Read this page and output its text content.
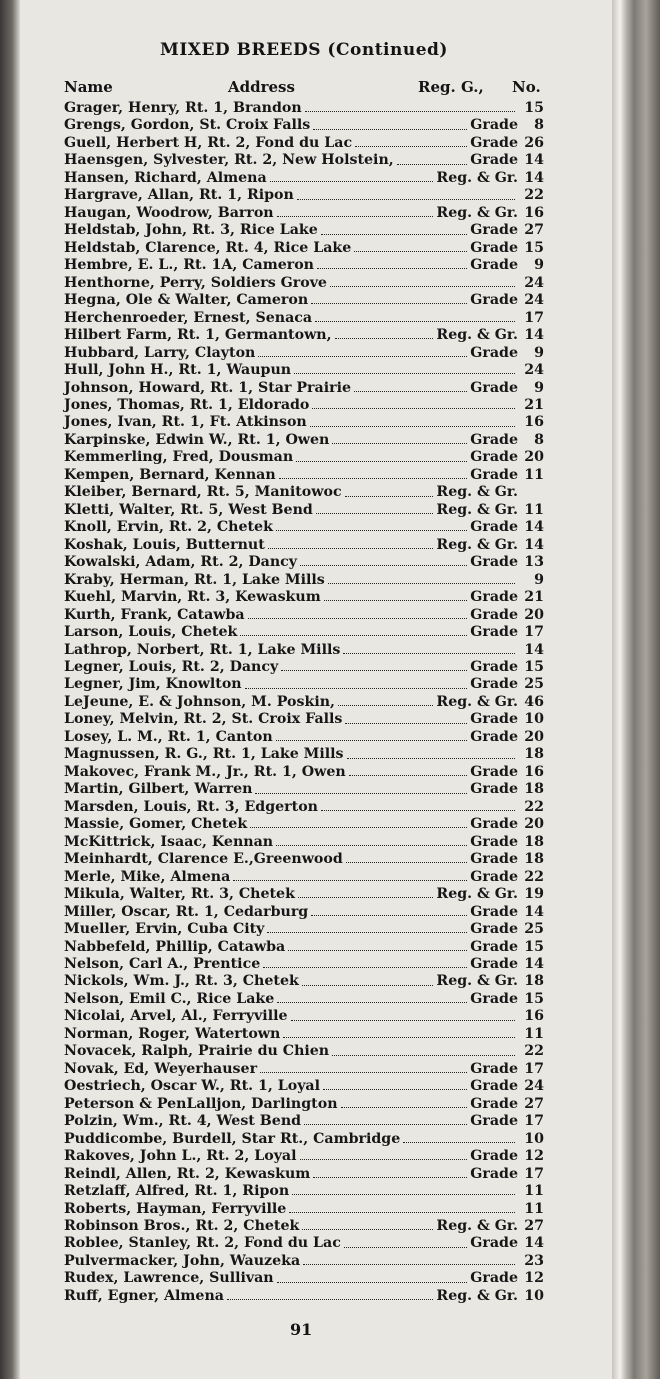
MIXED BREEDS (Continued)
Name	Address	Reg. G., No.
Grager, Henry, Rt. 1, Brandon	15
Grengs, Gordon, St. Croix Falls	Grade	8
Guell, Herbert H, Rt. 2, Fond du Lac	Grade 26
Haensgen, Sylvester, Rt. 2, New Holstein,	Grade 14
Hansen, Richard, Almena	Reg. & Gr. 14
Hargrave, Allan, Rt. 1, Ripon	22
Haugan, Woodrow, Barron	Reg. & Gr. 16
Heldstab, John, Rt. 3, Rice Lake	Grade 27
Heldstab, Clarence, Rt. 4, Rice Lake	Grade 15
Hembre, E. L., Rt. 1A, Cameron	Grade	9
Henthorne, Perry, Soldiers Grove	24
Hegna, Ole & Walter, Cameron	Grade 24
Herchenroeder, Ernest, Senaca	17
Hilbert Farm, Rt. 1, Germantown,	Reg. & Gr. 14
Hubbard, Larry, Clayton	Grade	9
Hull, John H., Rt. 1, Waupun	24
Johnson, Howard, Rt. 1, Star Prairie	Grade	9
Jones, Thomas, Rt. 1, Eldorado	21
Jones, Ivan, Rt. 1, Ft. Atkinson	16
Karpinske, Edwin W., Rt. 1, Owen	Grade	8
Kemmerling, Fred, Dousman	Grade 20
Kempen, Bernard, Kennan	Grade 11
Kleiber, Bernard, Rt. 5, Manitowoc	Reg. & Gr.
Kletti, Walter, Rt. 5, West Bend	Reg. & Gr. 11
Knoll, Ervin, Rt. 2, Chetek	Grade 14
Koshak, Louis, Butternut	Reg. & Gr. 14
Kowalski, Adam, Rt. 2, Dancy	Grade 13
Kraby, Herman, Rt. 1, Lake Mills	9
Kuehl, Marvin, Rt. 3, Kewaskum	Grade 21
Kurth, Frank, Catawba	Grade 20
Larson, Louis, Chetek	Grade 17
Lathrop, Norbert, Rt. 1, Lake Mills	14
Legner, Louis, Rt. 2, Dancy	Grade 15
Legner, Jim, Knowlton	Grade 25
LeJeune, E. & Johnson, M. Poskin,	Reg. & Gr. 46
Loney, Melvin, Rt. 2, St. Croix Falls	Grade 10
Losey, L. M., Rt. 1, Canton	Grade 20
Magnussen, R. G., Rt. 1, Lake Mills	18
Makovec, Frank M., Jr., Rt. 1, Owen	Grade 16
Martin, Gilbert, Warren	Grade 18
Marsden, Louis, Rt. 3, Edgerton	22
Massie, Gomer, Chetek	Grade 20
McKittrick, Isaac, Kennan	Grade 18
Meinhardt, Clarence E.,Greenwood	Grade 18
Merle, Mike, Almena	Grade 22
Mikula, Walter, Rt. 3, Chetek	Reg. & Gr. 19
Miller, Oscar, Rt. 1, Cedarburg	Grade 14
Mueller, Ervin, Cuba City	Grade 25
Nabbefeld, Phillip, Catawba	Grade 15
Nelson, Carl A., Prentice	Grade 14
Nickols, Wm. J., Rt. 3, Chetek	Reg. & Gr. 18
Nelson, Emil C., Rice Lake	Grade 15
Nicolai, Arvel, Al., Ferryville	16
Norman, Roger, Watertown	11
Novacek, Ralph, Prairie du Chien	22
Novak, Ed, Weyerhauser	Grade 17
Oestriech, Oscar W., Rt. 1, Loyal	Grade 24
Peterson & PenLalljon, Darlington	Grade 27
Polzin, Wm., Rt. 4, West Bend	Grade 17
Puddicombe, Burdell, Star Rt., Cambridge	10
Rakoves, John L., Rt. 2, Loyal	Grade 12
Reindl, Allen, Rt. 2, Kewaskum	Grade 17
Retzlaff, Alfred, Rt. 1, Ripon	11
Roberts, Hayman, Ferryville	11
Robinson Bros., Rt. 2, Chetek	Reg. & Gr. 27
Roblee, Stanley, Rt. 2, Fond du Lac	Grade 14
Pulvermacker, John, Wauzeka	23
Rudex, Lawrence, Sullivan	Grade 12
Ruff, Egner, Almena	Reg. & Gr. 10
91
